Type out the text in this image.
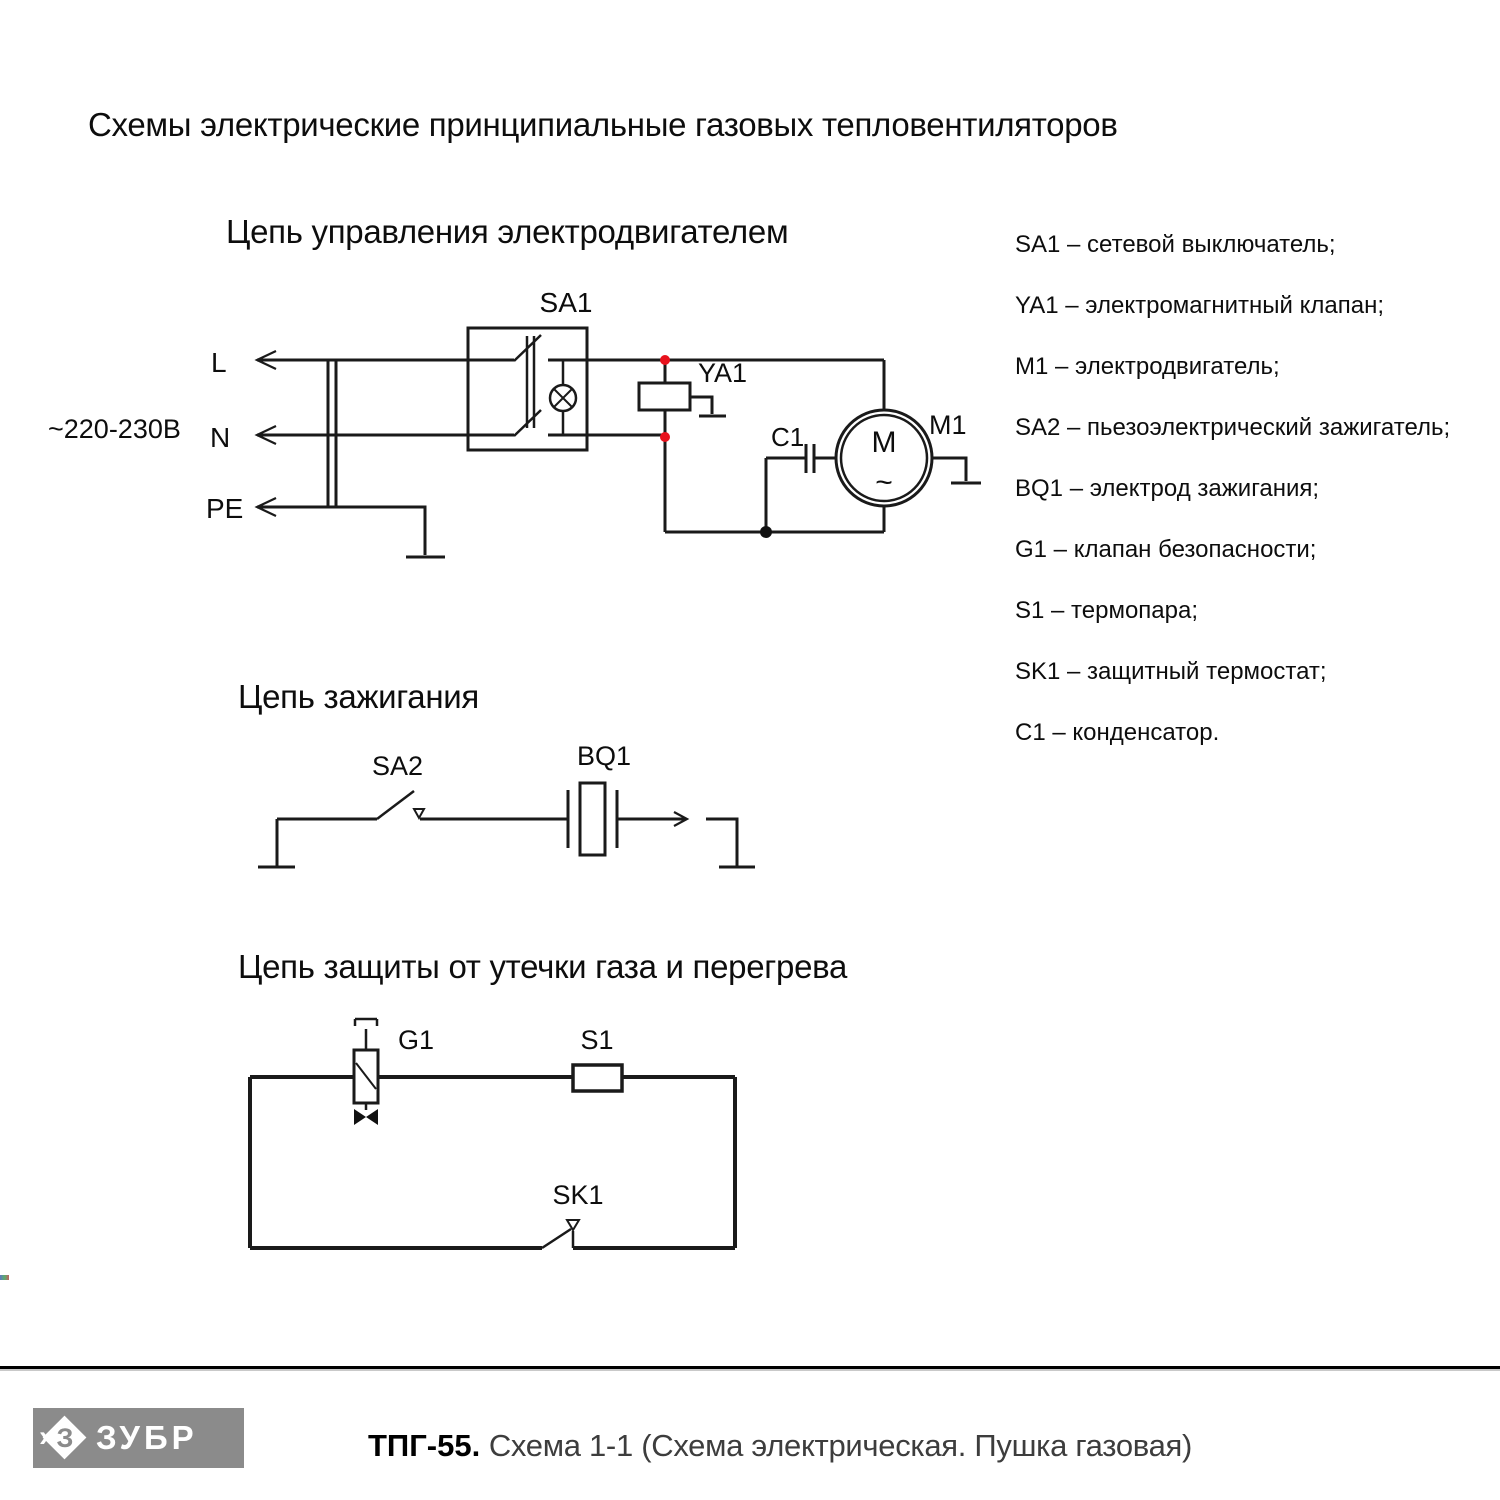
Схемы электрические принципиальные газовых тепловентиляторов
Цепь управления электродвигателем
Цепь зажигания
Цепь защиты от утечки газа и перегрева
~220-230В
L
N
PE
SA1
YA1
C1	M1
M
~
SA2	BQ1
G1	S1
SK1
SA1 – сетевой выключатель;
YA1 – электромагнитный клапан;
M1 – электродвигатель;
SA2 – пьезоэлектрический зажигатель;
BQ1 – электрод зажигания;
G1 – клапан безопасности;
S1 – термопара;
SK1 – защитный термостат;
C1 – конденсатор.
› З ЗУБР	ТПГ-55. Схема 1-1 (Схема электрическая. Пушка газовая)
